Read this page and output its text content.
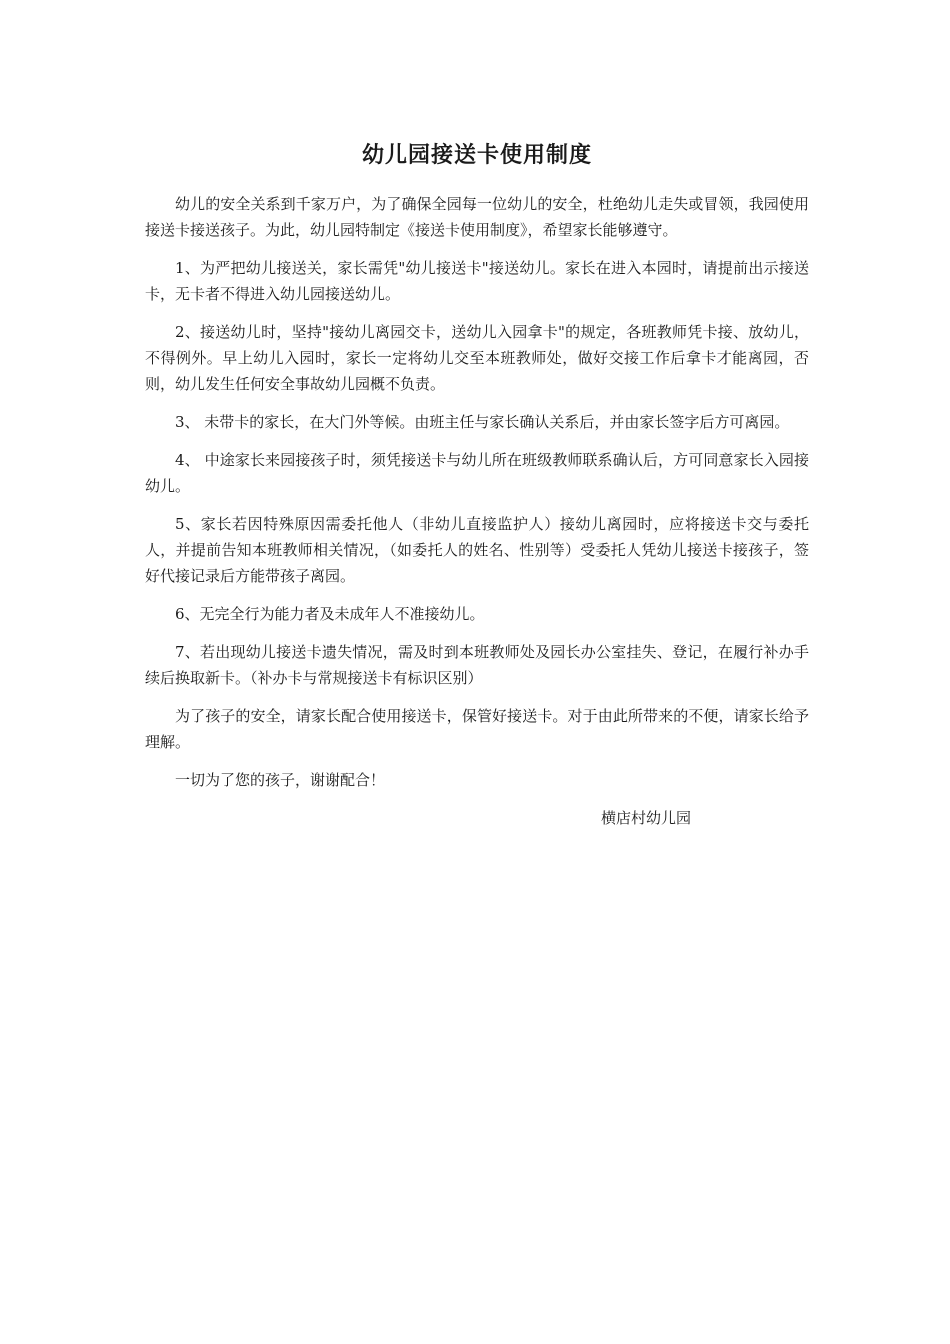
幼儿园接送卡使用制度

幼儿的安全关系到千家万户，为了确保全园每一位幼儿的安全，杜绝幼儿走失或冒领，我园使用接送卡接送孩子。为此，幼儿园特制定《接送卡使用制度》，希望家长能够遵守。

1、为严把幼儿接送关，家长需凭"幼儿接送卡"接送幼儿。家长在进入本园时，请提前出示接送卡，无卡者不得进入幼儿园接送幼儿。

2、接送幼儿时，坚持"接幼儿离园交卡，送幼儿入园拿卡"的规定，各班教师凭卡接、放幼儿，不得例外。早上幼儿入园时，家长一定将幼儿交至本班教师处，做好交接工作后拿卡才能离园，否则，幼儿发生任何安全事故幼儿园概不负责。

3、 未带卡的家长，在大门外等候。由班主任与家长确认关系后，并由家长签字后方可离园。

4、 中途家长来园接孩子时，须凭接送卡与幼儿所在班级教师联系确认后，方可同意家长入园接幼儿。

5、家长若因特殊原因需委托他人（非幼儿直接监护人）接幼儿离园时，应将接送卡交与委托人，并提前告知本班教师相关情况，（如委托人的姓名、性别等）受委托人凭幼儿接送卡接孩子，签好代接记录后方能带孩子离园。

6、无完全行为能力者及未成年人不准接幼儿。

7、若出现幼儿接送卡遗失情况，需及时到本班教师处及园长办公室挂失、登记，在履行补办手续后换取新卡。（补办卡与常规接送卡有标识区别）

为了孩子的安全，请家长配合使用接送卡，保管好接送卡。对于由此所带来的不便，请家长给予理解。

一切为了您的孩子，谢谢配合！

横店村幼儿园
